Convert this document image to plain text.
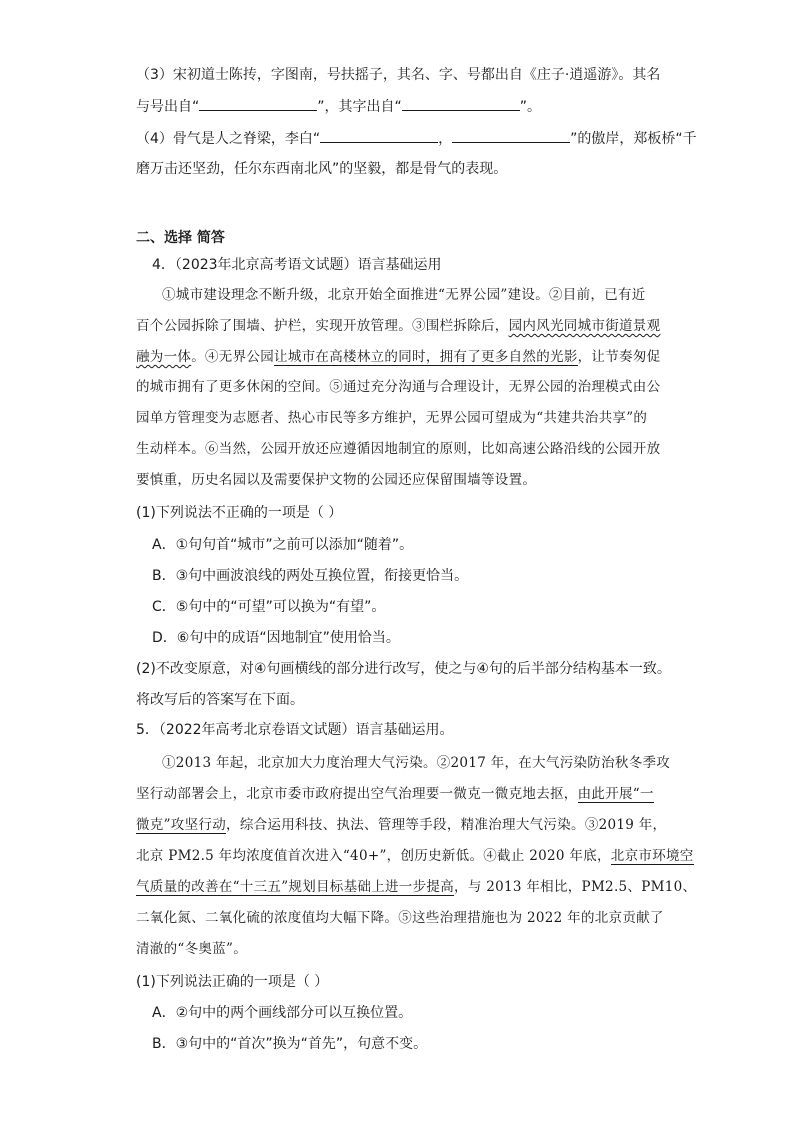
（3）宋初道士陈抟，字图南，号扶摇子，其名、字、号都出自《庄子·逍遥游》。其名
与号出自“	”，其字出自“	”。
（4）骨气是人之脊梁，李白“	，	”的傲岸，郑板桥“千
磨万击还坚劲，任尔东西南北风”的坚毅，都是骨气的表现。
二、选择 简答
4．（2023年北京高考语文试题）语言基础运用
①城市建设理念不断升级，北京开始全面推进“无界公园”建设。②目前，已有近
百个公园拆除了围墙、护栏，实现开放管理。③围栏拆除后，园内风光同城市街道景观
融为一体。④无界公园让城市在高楼林立的同时，拥有了更多自然的光影，让节奏匆促
的城市拥有了更多休闲的空间。⑤通过充分沟通与合理设计，无界公园的治理模式由公
园单方管理变为志愿者、热心市民等多方维护，无界公园可望成为“共建共治共享”的
生动样本。⑥当然，公园开放还应遵循因地制宜的原则，比如高速公路沿线的公园开放
要慎重，历史名园以及需要保护文物的公园还应保留围墙等设置。
(1)下列说法不正确的一项是（ ）
A．①句句首“城市”之前可以添加“随着”。
B．③句中画波浪线的两处互换位置，衔接更恰当。
C．⑤句中的“可望”可以换为“有望”。
D．⑥句中的成语“因地制宜”使用恰当。
(2)不改变原意，对④句画横线的部分进行改写，使之与④句的后半部分结构基本一致。
将改写后的答案写在下面。
5．（2022年高考北京卷语文试题）语言基础运用。
①2013 年起，北京加大力度治理大气污染。②2017 年，在大气污染防治秋冬季攻
坚行动部署会上，北京市委市政府提出空气治理要一微克一微克地去抠，由此开展“一
微克”攻坚行动，综合运用科技、执法、管理等手段，精准治理大气污染。③2019 年，
北京 PM2.5 年均浓度值首次进入“40+”，创历史新低。④截止 2020 年底，北京市环境空
气质量的改善在“十三五”规划目标基础上进一步提高，与 2013 年相比，PM2.5、PM10、
二氧化氮、二氧化硫的浓度值均大幅下降。⑤这些治理措施也为 2022 年的北京贡献了
清澈的“冬奥蓝”。
(1)下列说法正确的一项是（ ）
A．②句中的两个画线部分可以互换位置。
B．③句中的“首次”换为“首先”，句意不变。
